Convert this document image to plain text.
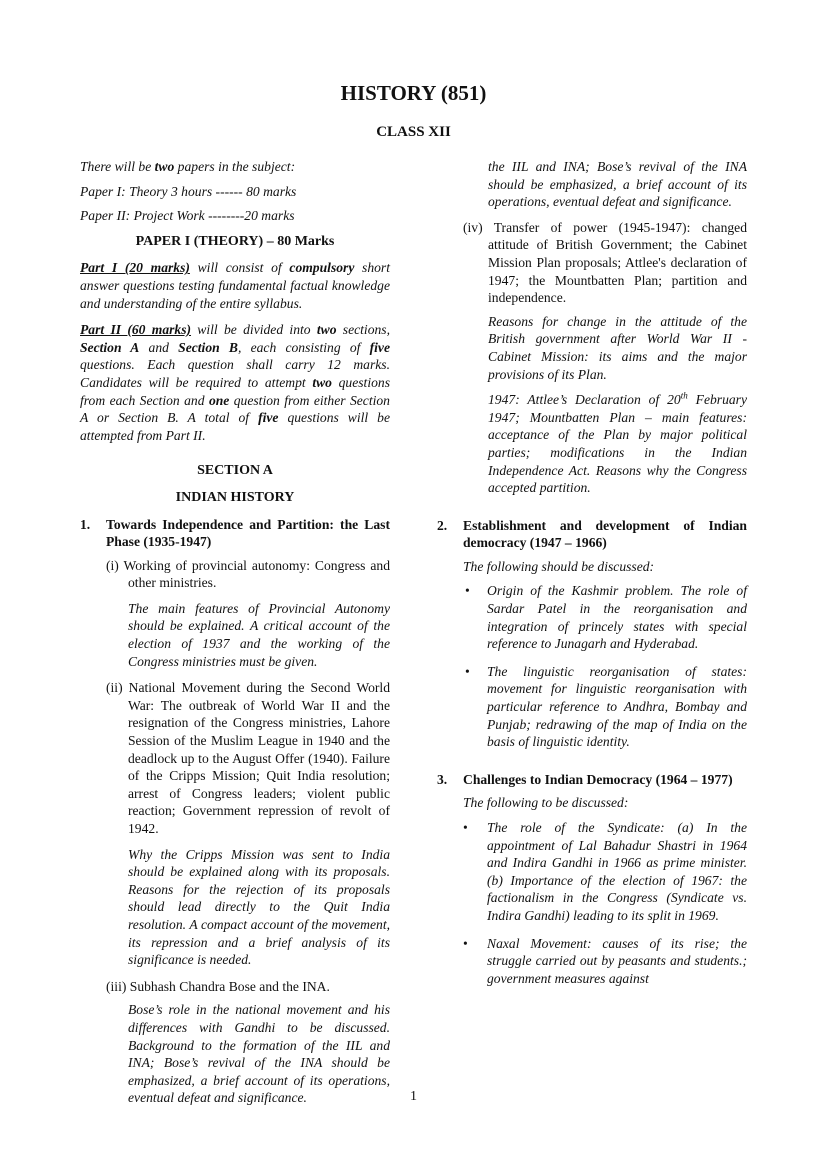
HISTORY (851)
CLASS XII

There will be two papers in the subject:

Paper I: Theory 3 hours ------ 80 marks

Paper II: Project Work --------20 marks

PAPER I (THEORY) – 80 Marks

Part I (20 marks) will consist of compulsory short answer questions testing fundamental factual knowledge and understanding of the entire syllabus.

Part II (60 marks) will be divided into two sections, Section A and Section B, each consisting of five questions. Each question shall carry 12 marks. Candidates will be required to attempt two questions from each Section and one question from either Section A or Section B. A total of five questions will be attempted from Part II.

SECTION A
INDIAN HISTORY
1.	Towards Independence and Partition: the Last Phase (1935-1947)

(i) Working of provincial autonomy: Congress and other ministries.

The main features of Provincial Autonomy should be explained. A critical account of the election of 1937 and the working of the Congress ministries must be given.

(ii) National Movement during the Second World War: The outbreak of World War II and the resignation of the Congress ministries, Lahore Session of the Muslim League in 1940 and the deadlock up to the August Offer (1940). Failure of the Cripps Mission; Quit India resolution; arrest of Congress leaders; violent public reaction; Government repression of revolt of 1942.

Why the Cripps Mission was sent to India should be explained along with its proposals. Reasons for the rejection of its proposals should lead directly to the Quit India resolution. A compact account of the movement, its repression and a brief analysis of its significance is needed.

(iii) Subhash Chandra Bose and the INA.

Bose’s role in the national movement and his differences with Gandhi to be discussed. Background to the formation of the IIL and INA; Bose’s revival of the INA should be emphasized, a brief account of its operations, eventual defeat and significance.

the IIL and INA; Bose’s revival of the INA should be emphasized, a brief account of its operations, eventual defeat and significance.

(iv) Transfer of power (1945-1947): changed attitude of British Government; the Cabinet Mission Plan proposals; Attlee's declaration of 1947; the Mountbatten Plan; partition and independence.

Reasons for change in the attitude of the British government after World War II - Cabinet Mission: its aims and the major provisions of its Plan.

1947: Attlee’s Declaration of 20th February 1947; Mountbatten Plan – main features: acceptance of the Plan by major political parties; modifications in the Indian Independence Act. Reasons why the Congress accepted partition.

2.	Establishment and development of Indian democracy (1947 – 1966)

The following should be discussed:

• Origin of the Kashmir problem. The role of Sardar Patel in the reorganisation and integration of princely states with special reference to Junagarh and Hyderabad.
• The linguistic reorganisation of states: movement for linguistic reorganisation with particular reference to Andhra, Bombay and Punjab; redrawing of the map of India on the basis of linguistic identity.
3.	Challenges to Indian Democracy (1964 – 1977)

The following to be discussed:

• The role of the Syndicate: (a) In the appointment of Lal Bahadur Shastri in 1964 and Indira Gandhi in 1966 as prime minister. (b) Importance of the election of 1967: the factionalism in the Congress (Syndicate vs. Indira Gandhi) leading to its split in 1969.
• Naxal Movement: causes of its rise; the struggle carried out by peasants and students.; government measures against
1
